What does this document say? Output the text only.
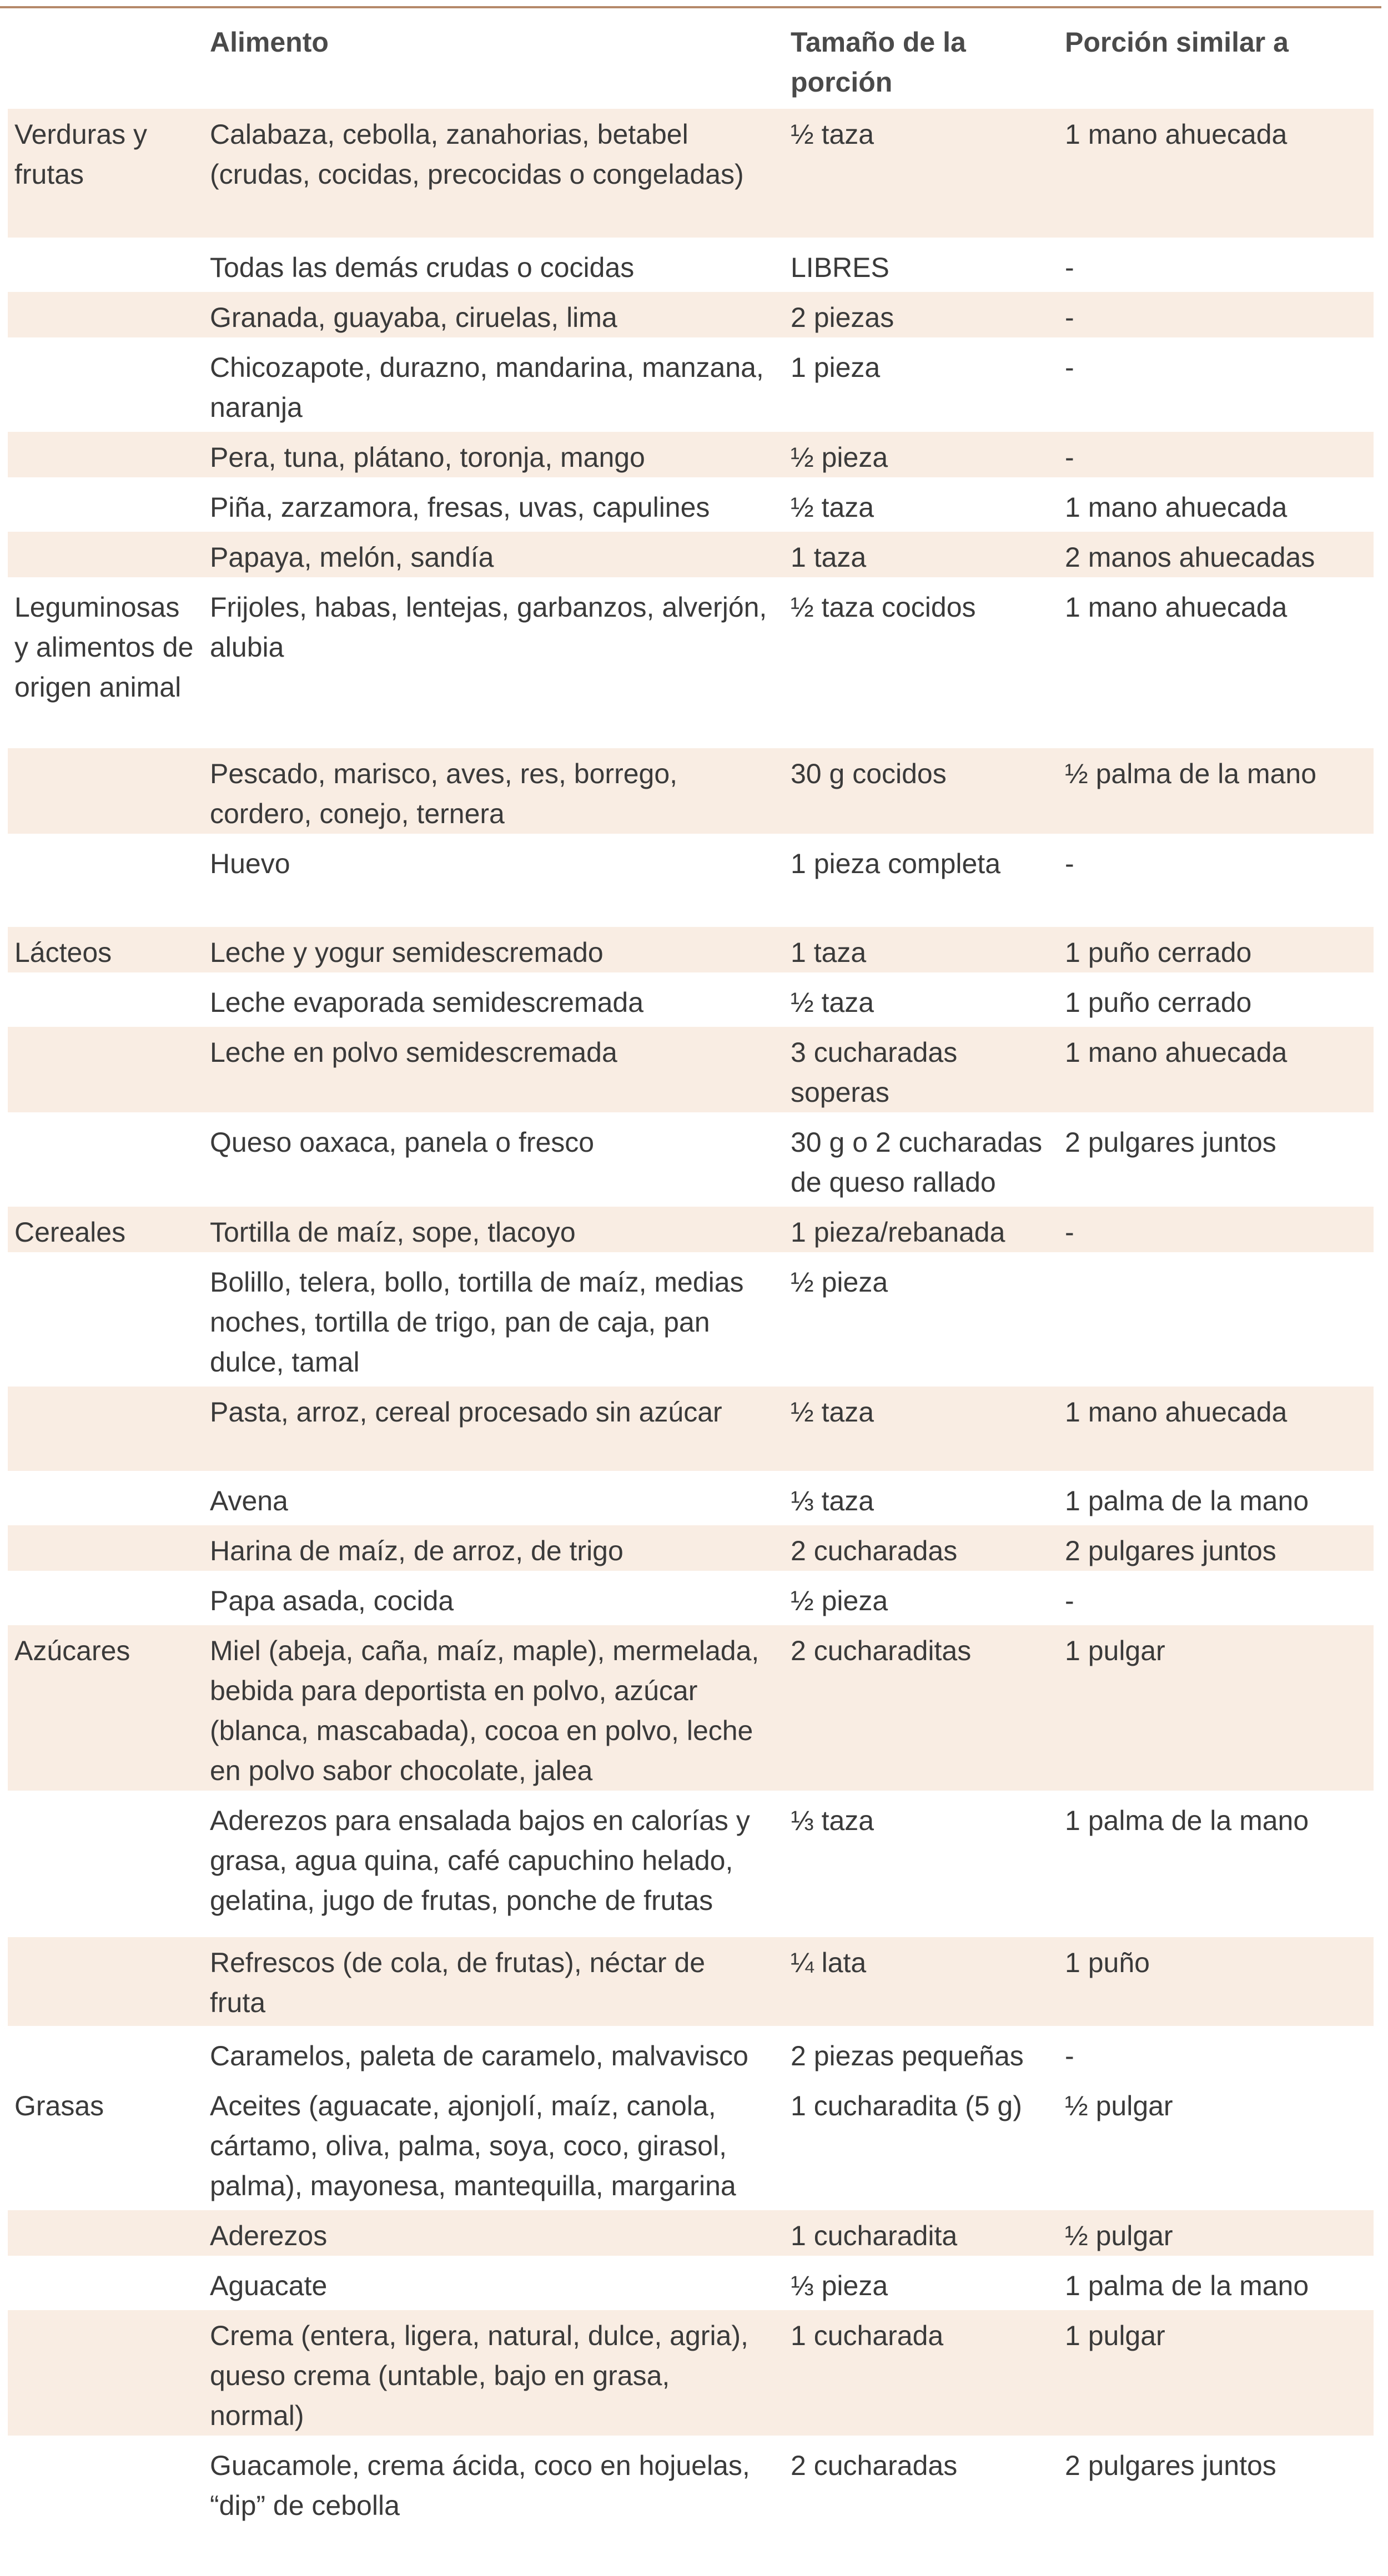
	Alimento	Tamaño de la porción	Porción similar a
Verduras y frutas	Calabaza, cebolla, zanahorias, betabel (crudas, cocidas, precocidas o congeladas)	½ taza	1 mano ahuecada
	Todas las demás crudas o cocidas	LIBRES	-
	Granada, guayaba, ciruelas, lima	2 piezas	-
	Chicozapote, durazno, mandarina, manzana, naranja	1 pieza	-
	Pera, tuna, plátano, toronja, mango	½ pieza	-
	Piña, zarzamora, fresas, uvas, capulines	½ taza	1 mano ahuecada
	Papaya, melón, sandía	1 taza	2 manos ahuecadas
Leguminosas y alimentos de origen animal	Frijoles, habas, lentejas, garbanzos, alverjón, alubia	½ taza cocidos	1 mano ahuecada
	Pescado, marisco, aves, res, borrego, cordero, conejo, ternera	30 g cocidos	½ palma de la mano
	Huevo	1 pieza completa	-
Lácteos	Leche y yogur semidescremado	1 taza	1 puño cerrado
	Leche evaporada semidescremada	½ taza	1 puño cerrado
	Leche en polvo semidescremada	3 cucharadas soperas	1 mano ahuecada
	Queso oaxaca, panela o fresco	30 g o 2 cucharadas de queso rallado	2 pulgares juntos
Cereales	Tortilla de maíz, sope, tlacoyo	1 pieza/rebanada	-
	Bolillo, telera, bollo, tortilla de maíz, medias noches, tortilla de trigo, pan de caja, pan dulce, tamal	½ pieza	
	Pasta, arroz, cereal procesado sin azúcar	½ taza	1 mano ahuecada
	Avena	⅓ taza	1 palma de la mano
	Harina de maíz, de arroz, de trigo	2 cucharadas	2 pulgares juntos
	Papa asada, cocida	½ pieza	-
Azúcares	Miel (abeja, caña, maíz, maple), mermelada, bebida para deportista en polvo, azúcar (blanca, mascabada), cocoa en polvo, leche en polvo sabor chocolate, jalea	2 cucharaditas	1 pulgar
	Aderezos para ensalada bajos en calorías y grasa, agua quina, café capuchino helado, gelatina, jugo de frutas, ponche de frutas	⅓ taza	1 palma de la mano
	Refrescos (de cola, de frutas), néctar de fruta	¼ lata	1 puño
	Caramelos, paleta de caramelo, malvavisco	2 piezas pequeñas	-
Grasas	Aceites (aguacate, ajonjolí, maíz, canola, cártamo, oliva, palma, soya, coco, girasol, palma), mayonesa, mantequilla, margarina	1 cucharadita (5 g)	½ pulgar
	Aderezos	1 cucharadita	½ pulgar
	Aguacate	⅓ pieza	1 palma de la mano
	Crema (entera, ligera, natural, dulce, agria), queso crema (untable, bajo en grasa, normal)	1 cucharada	1 pulgar
	Guacamole, crema ácida, coco en hojuelas, “dip” de cebolla	2 cucharadas	2 pulgares juntos
